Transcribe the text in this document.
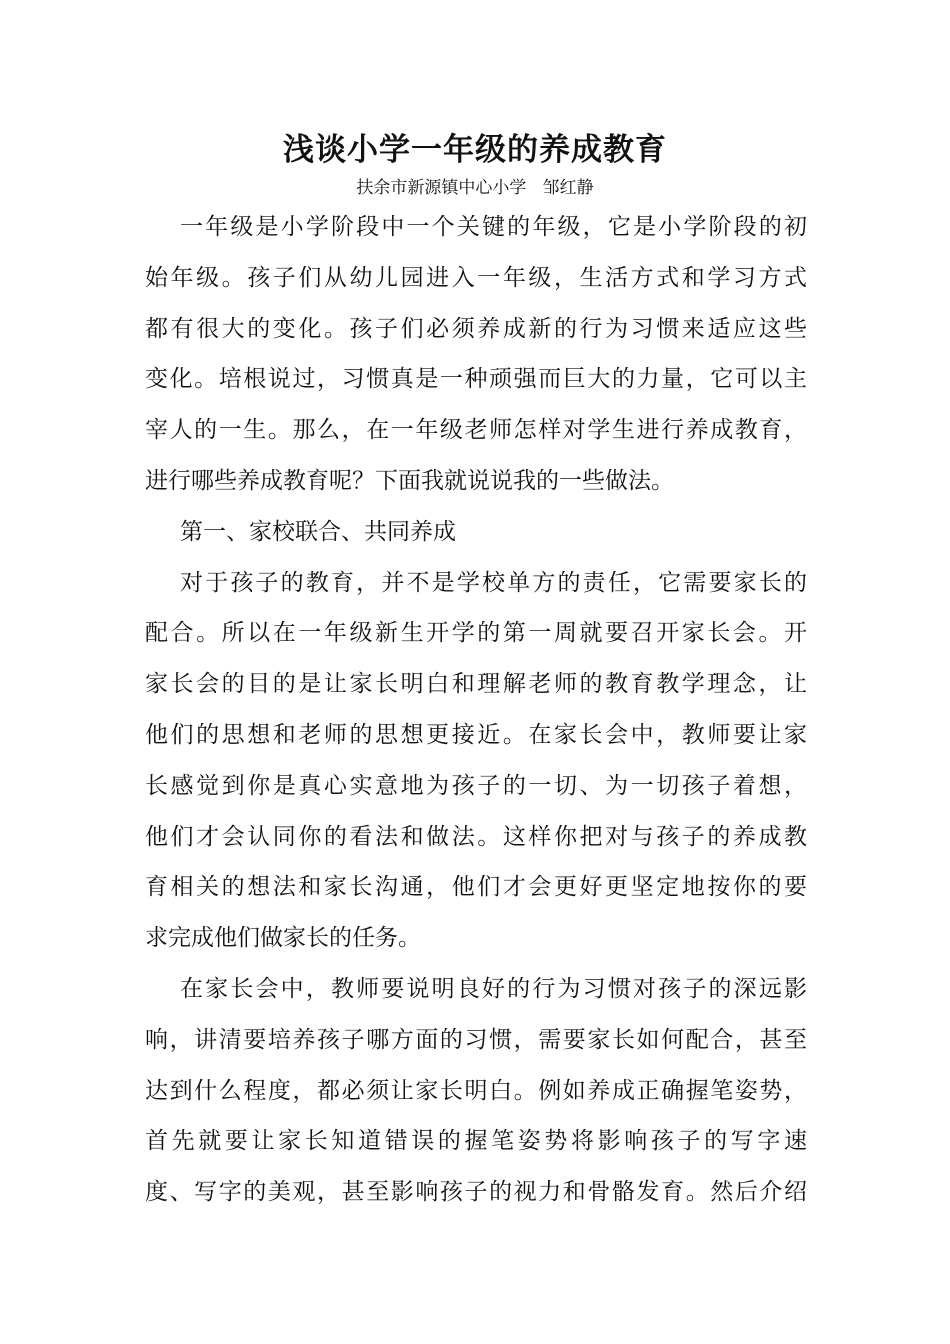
浅谈小学一年级的养成教育
扶余市新源镇中心小学   邹红静
一年级是小学阶段中一个关键的年级，它是小学阶段的初
始年级。孩子们从幼儿园进入一年级，生活方式和学习方式
都有很大的变化。孩子们必须养成新的行为习惯来适应这些
变化。培根说过，习惯真是一种顽强而巨大的力量，它可以主
宰人的一生。那么，在一年级老师怎样对学生进行养成教育，
进行哪些养成教育呢？下面我就说说我的一些做法。
第一、家校联合、共同养成
对于孩子的教育，并不是学校单方的责任，它需要家长的
配合。所以在一年级新生开学的第一周就要召开家长会。开
家长会的目的是让家长明白和理解老师的教育教学理念，让
他们的思想和老师的思想更接近。在家长会中，教师要让家
长感觉到你是真心实意地为孩子的一切、为一切孩子着想，
他们才会认同你的看法和做法。这样你把对与孩子的养成教
育相关的想法和家长沟通，他们才会更好更坚定地按你的要
求完成他们做家长的任务。
在家长会中，教师要说明良好的行为习惯对孩子的深远影
响，讲清要培养孩子哪方面的习惯，需要家长如何配合，甚至
达到什么程度，都必须让家长明白。例如养成正确握笔姿势，
首先就要让家长知道错误的握笔姿势将影响孩子的写字速
度、写字的美观，甚至影响孩子的视力和骨骼发育。然后介绍
